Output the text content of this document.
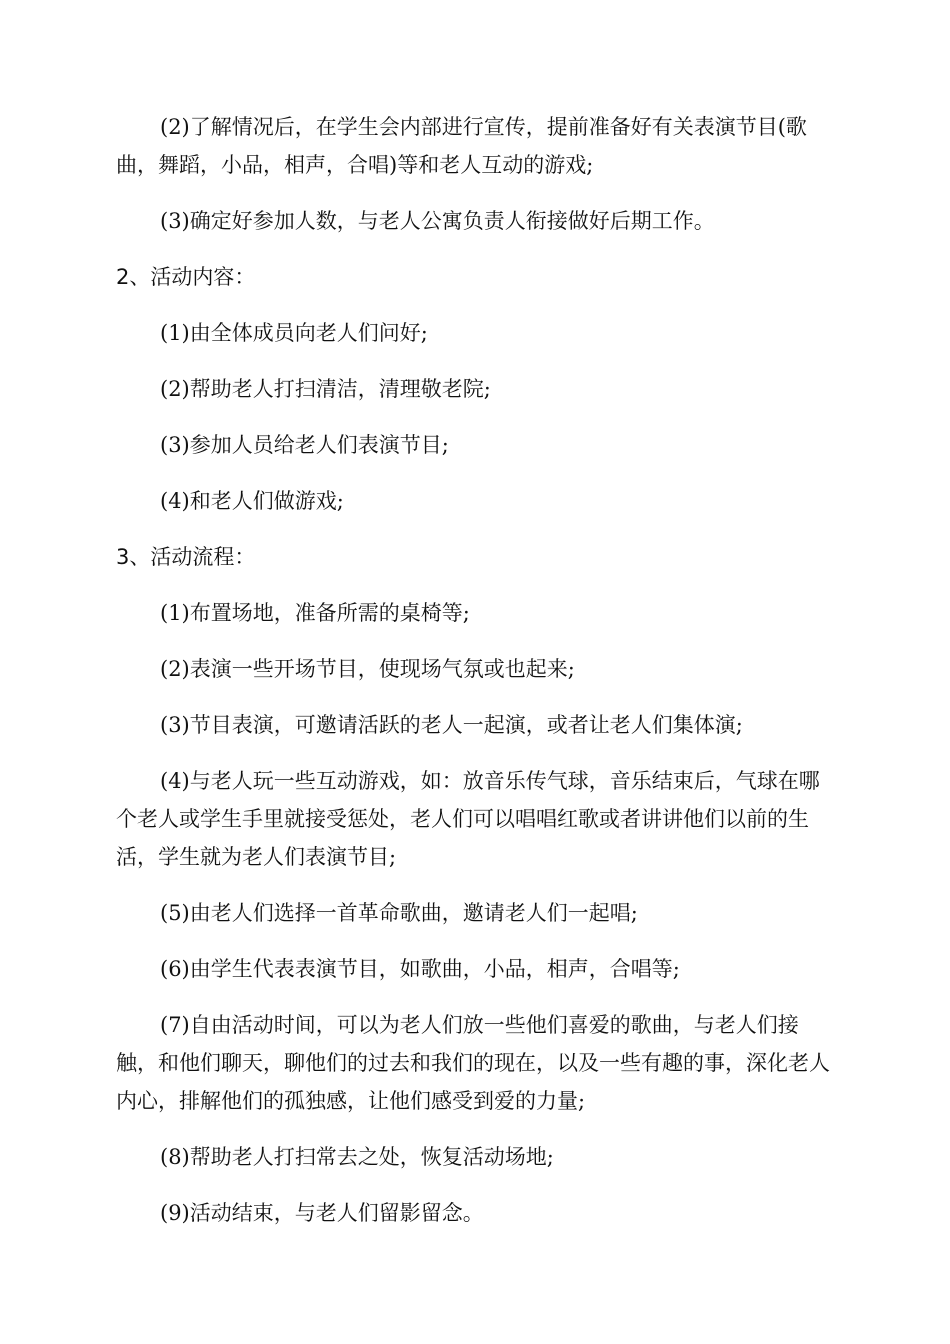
(2)了解情况后，在学生会内部进行宣传，提前准备好有关表演节目(歌曲，舞蹈，小品，相声，合唱)等和老人互动的游戏;

(3)确定好参加人数，与老人公寓负责人衔接做好后期工作。

2、活动内容：

(1)由全体成员向老人们问好;

(2)帮助老人打扫清洁，清理敬老院;

(3)参加人员给老人们表演节目;

(4)和老人们做游戏;

3、活动流程：

(1)布置场地，准备所需的桌椅等;

(2)表演一些开场节目，使现场气氛或也起来;

(3)节目表演，可邀请活跃的老人一起演，或者让老人们集体演;

(4)与老人玩一些互动游戏，如：放音乐传气球，音乐结束后，气球在哪个老人或学生手里就接受惩处，老人们可以唱唱红歌或者讲讲他们以前的生活，学生就为老人们表演节目;

(5)由老人们选择一首革命歌曲，邀请老人们一起唱;

(6)由学生代表表演节目，如歌曲，小品，相声，合唱等;

(7)自由活动时间，可以为老人们放一些他们喜爱的歌曲，与老人们接触，和他们聊天，聊他们的过去和我们的现在，以及一些有趣的事，深化老人内心，排解他们的孤独感，让他们感受到爱的力量;

(8)帮助老人打扫常去之处，恢复活动场地;

(9)活动结束，与老人们留影留念。
